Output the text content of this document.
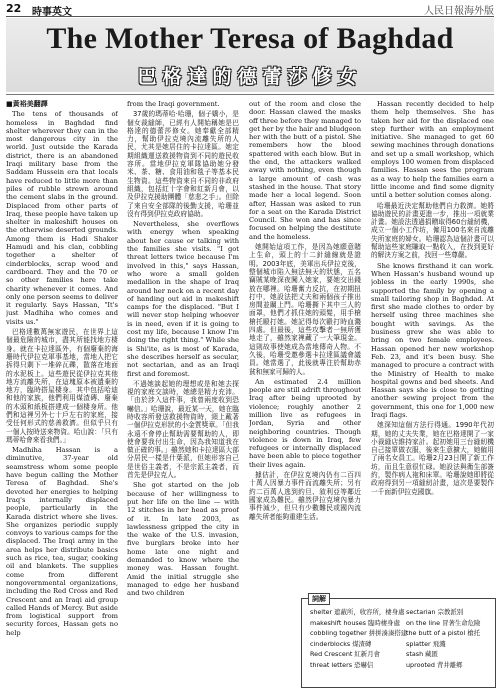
22 時事英文	人民日報海外版
The Mother Teresa of Baghdad
巴格達的德蕾莎修女

■黃裕美翻譯

The tens of thousands of homeless in Baghdad find shelter wherever they can in the most dangerous city in the world. Just outside the Karada district, there is an abandoned Iraqi military base from the Saddam Hussein era that locals have reduced to little more than piles of rubble strewn around the cement slabs in the ground. Displaced from other parts of Iraq, these people have taken up shelter in makeshift houses on the otherwise deserted grounds. Among them is Hadi Shaker Hamudi and his clan, cobbling together a shelter of cinderblocks, scrap wood and cardboard. They and the 70 or so other families here take charity whenever it comes. And only one person seems to deliver it regularly. Says Hassan, "It's just Madhiha who comes and visits us."

巴格達數萬無家遊民，在世界上這個最危險的城市，盡其所能找地方棲身。就在卡拉達區外，有個廢棄的海珊時代伊拉克軍事基地，當地人把它拆得只剩下一堆碎瓦礫，散落在地面的水泥板上。這些遊民從伊拉克其他地方流離失所，在這塊原本被遺棄的地方，臨時搭屋棲身。其中包括哈迪和他的家族，他們利用煤渣磚、廢棄的木頭和紙板搭建成一個棲身所。他們和這裡另外七十戶左右的家庭，接受任何形式的慈善救濟。但似乎只有一個人按時送來物資。哈山說：「只有瑪蒂哈會來看我們。」

Madhiha Hassan is a diminutive, 37-year old seamstress whom some people have begun calling the Mother Teresa of Baghdad. She's devoted her energies to helping Iraq's internally displaced people, particularly in the Karada district where she lives. She organizes periodic supply convoys to various camps for the displaced. The Iraqi army in the area helps her distribute basics such as rice, tea, sugar, cooking oil and blankets. The supplies come from different nongovernmental organizations, including the Red Cross and Red Crescent and an Iraqi aid group called Hands of Mercy. But aside from logistical support from security forces, Hassan gets no help

from the Iraqi government.

37歲的瑪蒂哈·哈珊，個子嬌小，是個女裁縫師，已經有人開始稱她是巴格達的德蕾莎修女。她奉獻全部精力，幫助伊拉克境內流離失所的人民，尤其是她居住的卡拉達區。她定期組織運送救援物資到不同的遊民收容所。當地伊拉克軍隊協助她分發米、茶、糖、食用油和毯子等基本民生物資。這些物資來自不同的非政府組織，包括紅十字會和紅新月會，以及伊拉克援助團體「慈悲之手」。但除了來自安全部隊的後勤支援，哈珊並沒有得到伊拉克政府協助。

Nevertheless, she overflows with energy when speaking about her cause or talking with the families she visits. "I got threat letters twice because I'm involved in this," says Hassan, who wore a small golden medallion in the shape of Iraq around her neck on a recent day of handing out aid in makeshift camps for the displaced. "But I will never stop helping whoever is in need, even if it is going to cost my life, because I know I'm doing the right thing." While she is Shi'ite, as is most of Karada, she describes herself as secular, not sectarian, and as an Iraqi first and foremost.

不過她談起她的理想或是和她去探視的家庭交談時，她總是精力充沛。「由於涉入這件事，我曾兩度收到恐嚇信。」哈珊說，最近某一天，她在臨時收容所發送救援物資時，頸上戴著一個伊拉克形狀的小金質獎章。「但我永遠不會停止幫助需要幫助的人，即使會要我付出生命，因為我知道我在做正確的事。」雖然她和卡拉達區大部分居民一樣是什葉派，但她形容自己是世俗主義者，不是宗派主義者，而首先是伊拉克人。

She got started on the job because of her willingness to put her life on the line — with 12 stitches in her head as proof of it. In late 2003, as lawlessness gripped the city in the wake of the U.S. invasion, five burglars broke into her home late one night and demanded to know where the money was. Hassan fought. Amid the initial struggle she managed to edge her husband and two children

out of the room and close the door. Hassan clawed the masks off three before they managed to get her by the hair and bludgeon her with the butt of a pistol. She remembers how the blood spattered with each blow. But in the end, the attackers walked away with nothing, even though a large amount of cash was stashed in the house. That story made her a local legend. Soon after, Hassan was asked to run for a seat on the Karada District Council. She won and has since focused on helping the destitute and the homeless.

她開始這項工作，是因為她願意賭上生命，頭上的十二針縫線就是證明。2003年底，美軍出兵伊拉克後，整個城市陷入無法無天的狀態，五名竊賊某晚深夜闖入她家，要她交出錢放在哪裡。哈珊奮力反抗，在初期扭打中，她設法把丈夫和兩個孩子推出房間並關上門。哈珊撕下其中三人的面罩，他們才抓住她的頭髮，用手槍槍托毆打她。她記得每次毆打時血濺四處。但最後，這些攻擊者一無所獲地走了，雖然家裡藏了一大筆現金。這則故事使她成為當地傳奇人物。不久後，哈珊受邀參選卡拉達區議會議員。她當選了，此後就專注於幫助赤貧和無家可歸的人。

An estimated 2.4 million people are still adrift throughout Iraq after being uprooted by violence; roughly another 2 million live as refugees in Jordan, Syria and other neighboring countries. Though violence is down in Iraq, few refugees or internally displaced have been able to piece together their lives again.

據估計，在伊拉克境內仍有二百四十萬人因暴力事件而流離失所；另有約二百萬人逃到約旦、敘利亞等鄰近國家成為難民。雖然伊拉克境內暴力事件減少，但只有少數難民或國內流離失所者能夠重建生活。

Hassan recently decided to help them help themselves. She has taken her aid for the displaced one step further with an employment initiative. She managed to get 60 sewing machines through donations and set up a small workshop, which employs 100 women from displaced families. Hassan sees the program as a way to help the families earn a little income and find some dignity until a better solution comes along.

哈珊最近決定幫助他們自力救濟。她將協助遊民的計畫更進一步，推出一項就業計畫。她設法透過捐贈取得60台縫紉機，成立一個小工作坊，僱用100名來自流離失所家庭的婦女。哈珊認為這個計畫可以幫助這些家庭賺取一點收入，在找到更好的解決方案之前，找回一些尊嚴。

She knows firsthand it can work. When Hassan's husband wound up jobless in the early 1990s, she supported the family by opening a small tailoring shop in Baghdad. At first she made clothes to order by herself using three machines she bought with savings. As the business grew she was able to bring on two female employees. Hassan opened her new workshop Feb. 23, and it's been busy. She managed to procure a contract with the Ministry of Health to make hospital gowns and bed sheets. And Hassan says she is close to getting another sewing project from the government, this one for 1,000 new Iraqi flags.

她深知這個方法行得通。1990年代初期，她的丈夫失業，她在巴格達開了一家小裁縫店維持家計。起初她用三台縫紉機自己接單做衣服，後來生意擴大，她僱用了兩名女員工。哈珊2月23日開了新工作坊，而且生意很忙碌。她設法與衛生部簽約，製作病人袍和床單。哈珊說她即將從政府得到另一項縫紉計畫，這次是要製作一千面新伊拉克國旗。

詞解
shelter 遮蔽所，收容所，棲身處
makeshift houses 臨時棲身處
cobbling together 拼拼湊湊搭建
cinderblocks 煤渣磚
Red Crescent 紅新月會
threat letters 恐嚇信
sectarian 宗教派別
on the line 冒著生命危險
the butt of a pistol 槍托
splatter 飛濺
stash 藏匿
uprooted 背井離鄉
